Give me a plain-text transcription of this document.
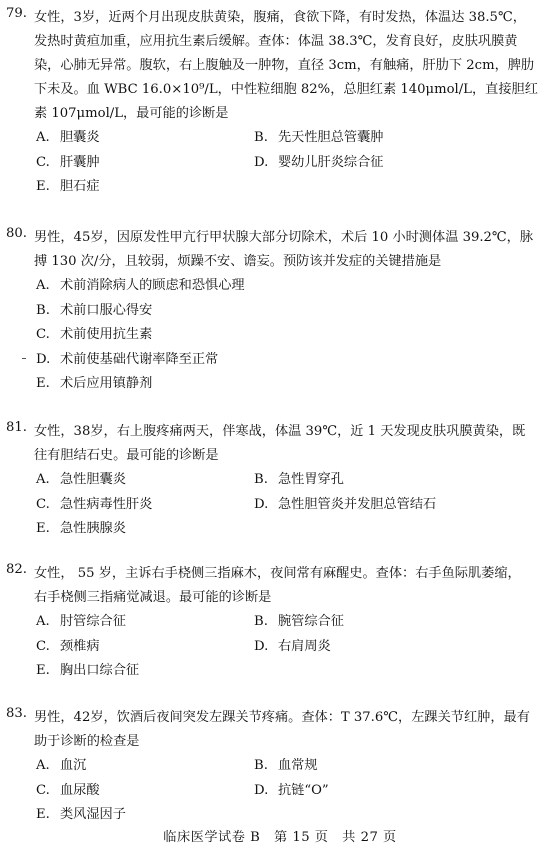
79. 女性，3岁，近两个月出现皮肤黄染，腹痛，食欲下降，有时发热，体温达 38.5℃，
发热时黄疸加重，应用抗生素后缓解。查体：体温 38.3℃，发育良好，皮肤巩膜黄
染，心肺无异常。腹软，右上腹触及一肿物，直径 3cm，有触痛，肝肋下 2cm，脾肋
下未及。血 WBC 16.0×10⁹/L，中性粒细胞 82%，总胆红素 140μmol/L，直接胆红
素 107μmol/L，最可能的诊断是
A. 胆囊炎	B. 先天性胆总管囊肿
C. 肝囊肿	D. 婴幼儿肝炎综合征
E. 胆石症
80. 男性，45岁，因原发性甲亢行甲状腺大部分切除术，术后 10 小时测体温 39.2℃，脉
搏 130 次/分，且较弱，烦躁不安、谵妄。预防该并发症的关键措施是
A. 术前消除病人的顾虑和恐惧心理
B. 术前口服心得安
C. 术前使用抗生素
D. 术前使基础代谢率降至正常
E. 术后应用镇静剂
81. 女性，38岁，右上腹疼痛两天，伴寒战，体温 39℃，近 1 天发现皮肤巩膜黄染，既
往有胆结石史。最可能的诊断是
A. 急性胆囊炎	B. 急性胃穿孔
C. 急性病毒性肝炎	D. 急性胆管炎并发胆总管结石
E. 急性胰腺炎
82. 女性， 55 岁，主诉右手桡侧三指麻木，夜间常有麻醒史。查体：右手鱼际肌萎缩，
右手桡侧三指痛觉减退。最可能的诊断是
A. 肘管综合征	B. 腕管综合征
C. 颈椎病	D. 右肩周炎
E. 胸出口综合征
83. 男性，42岁，饮酒后夜间突发左踝关节疼痛。查体：T 37.6℃，左踝关节红肿，最有
助于诊断的检查是
A. 血沉	B. 血常规
C. 血尿酸	D. 抗链“O”
E. 类风湿因子
临床医学试卷 B　第 15 页　共 27 页
